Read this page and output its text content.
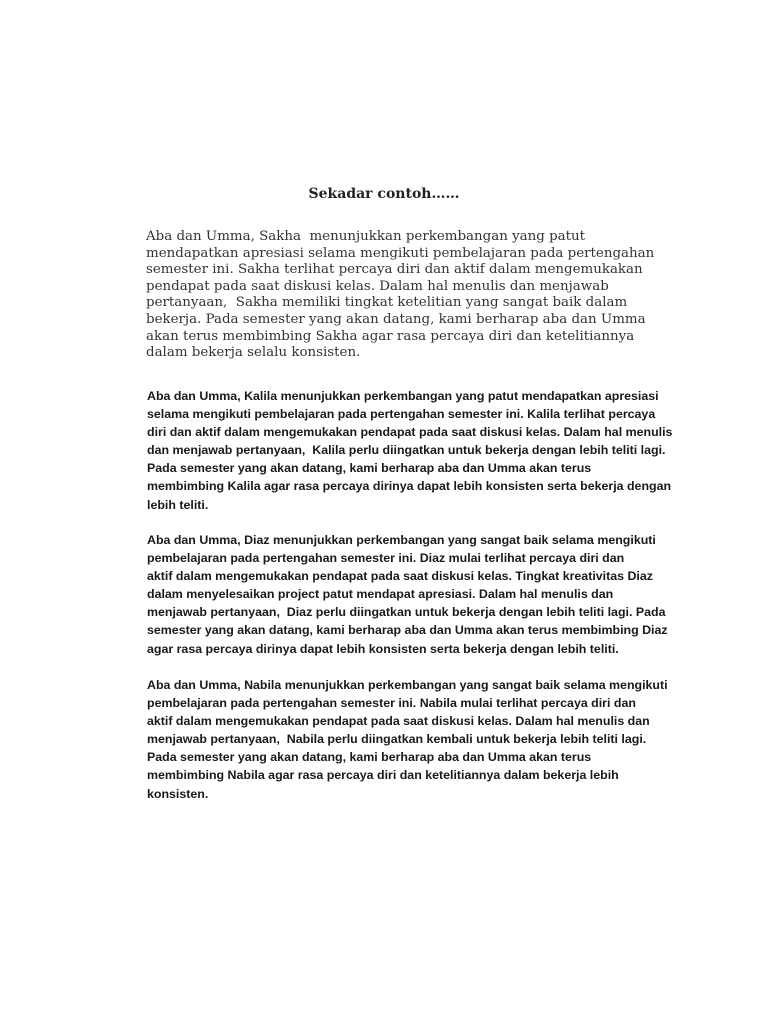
Sekadar contoh……

Aba dan Umma, Sakha  menunjukkan perkembangan yang patut
mendapatkan apresiasi selama mengikuti pembelajaran pada pertengahan
semester ini. Sakha terlihat percaya diri dan aktif dalam mengemukakan
pendapat pada saat diskusi kelas. Dalam hal menulis dan menjawab
pertanyaan,  Sakha memiliki tingkat ketelitian yang sangat baik dalam
bekerja. Pada semester yang akan datang, kami berharap aba dan Umma
akan terus membimbing Sakha agar rasa percaya diri dan ketelitiannya
dalam bekerja selalu konsisten.

Aba dan Umma, Kalila menunjukkan perkembangan yang patut mendapatkan apresiasi
selama mengikuti pembelajaran pada pertengahan semester ini. Kalila terlihat percaya
diri dan aktif dalam mengemukakan pendapat pada saat diskusi kelas. Dalam hal menulis
dan menjawab pertanyaan,  Kalila perlu diingatkan untuk bekerja dengan lebih teliti lagi.
Pada semester yang akan datang, kami berharap aba dan Umma akan terus
membimbing Kalila agar rasa percaya dirinya dapat lebih konsisten serta bekerja dengan
lebih teliti.

Aba dan Umma, Diaz menunjukkan perkembangan yang sangat baik selama mengikuti
pembelajaran pada pertengahan semester ini. Diaz mulai terlihat percaya diri dan
aktif dalam mengemukakan pendapat pada saat diskusi kelas. Tingkat kreativitas Diaz
dalam menyelesaikan project patut mendapat apresiasi. Dalam hal menulis dan
menjawab pertanyaan,  Diaz perlu diingatkan untuk bekerja dengan lebih teliti lagi. Pada
semester yang akan datang, kami berharap aba dan Umma akan terus membimbing Diaz
agar rasa percaya dirinya dapat lebih konsisten serta bekerja dengan lebih teliti.

Aba dan Umma, Nabila menunjukkan perkembangan yang sangat baik selama mengikuti
pembelajaran pada pertengahan semester ini. Nabila mulai terlihat percaya diri dan
aktif dalam mengemukakan pendapat pada saat diskusi kelas. Dalam hal menulis dan
menjawab pertanyaan,  Nabila perlu diingatkan kembali untuk bekerja lebih teliti lagi.
Pada semester yang akan datang, kami berharap aba dan Umma akan terus
membimbing Nabila agar rasa percaya diri dan ketelitiannya dalam bekerja lebih
konsisten.
